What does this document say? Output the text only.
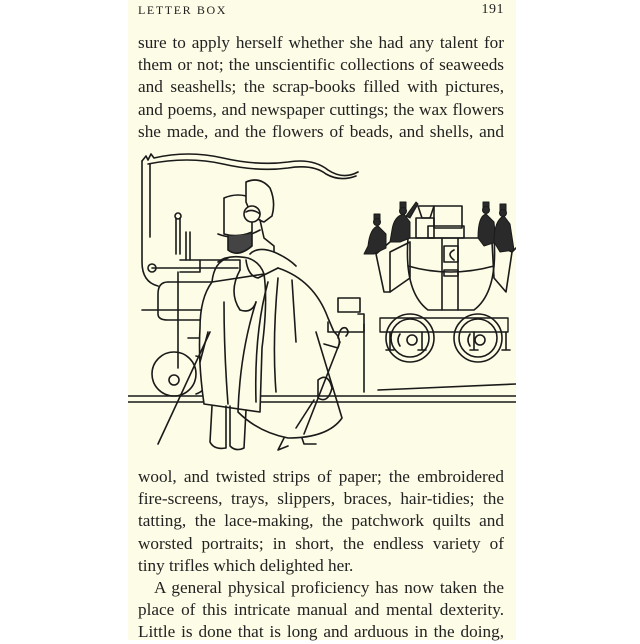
LETTER BOX	191
sure to apply herself whether she had any talent for
them or not; the unscientific collections of seaweeds
and seashells; the scrap-books filled with pictures,
and poems, and newspaper cuttings; the wax flowers
she made, and the flowers of beads, and shells, and
wool, and twisted strips of paper; the embroidered
fire-screens, trays, slippers, braces, hair-tidies; the
tatting, the lace-making, the patchwork quilts and
worsted portraits; in short, the endless variety of
tiny trifles which delighted her.
A general physical proficiency has now taken the
place of this intricate manual and mental dexterity.
Little is done that is long and arduous in the doing,
